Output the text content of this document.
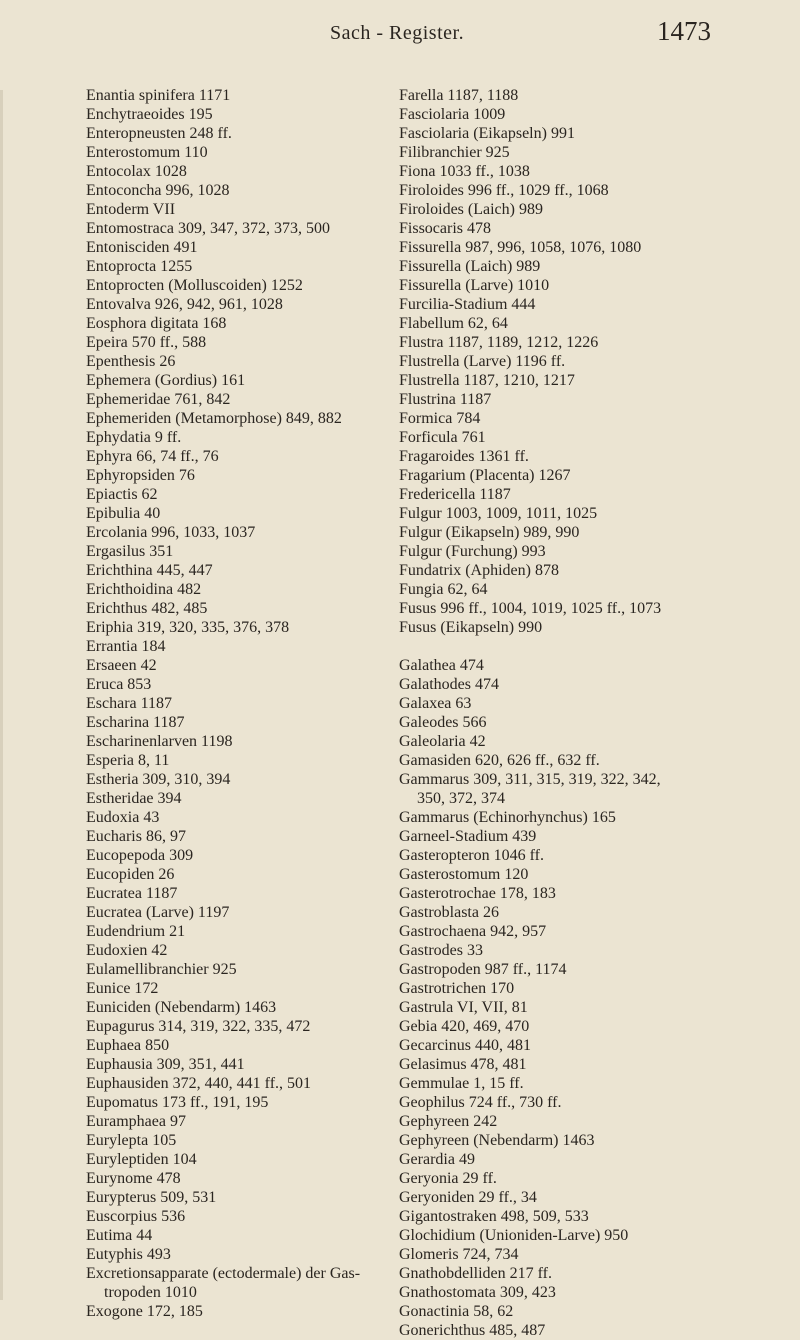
Sach - Register.	1473
Enantia spinifera 1171
Enchytraeoides 195
Enteropneusten 248 ff.
Enterostomum 110
Entocolax 1028
Entoconcha 996, 1028
Entoderm VII
Entomostraca 309, 347, 372, 373, 500
Entonisciden 491
Entoprocta 1255
Entoprocten (Molluscoiden) 1252
Entovalva 926, 942, 961, 1028
Eosphora digitata 168
Epeira 570 ff., 588
Epenthesis 26
Ephemera (Gordius) 161
Ephemeridae 761, 842
Ephemeriden (Metamorphose) 849, 882
Ephydatia 9 ff.
Ephyra 66, 74 ff., 76
Ephyropsiden 76
Epiactis 62
Epibulia 40
Ercolania 996, 1033, 1037
Ergasilus 351
Erichthina 445, 447
Erichthoidina 482
Erichthus 482, 485
Eriphia 319, 320, 335, 376, 378
Errantia 184
Ersaeen 42
Eruca 853
Eschara 1187
Escharina 1187
Escharinenlarven 1198
Esperia 8, 11
Estheria 309, 310, 394
Estheridae 394
Eudoxia 43
Eucharis 86, 97
Eucopepoda 309
Eucopiden 26
Eucratea 1187
Eucratea (Larve) 1197
Eudendrium 21
Eudoxien 42
Eulamellibranchier 925
Eunice 172
Euniciden (Nebendarm) 1463
Eupagurus 314, 319, 322, 335, 472
Euphaea 850
Euphausia 309, 351, 441
Euphausiden 372, 440, 441 ff., 501
Eupomatus 173 ff., 191, 195
Euramphaea 97
Eurylepta 105
Euryleptiden 104
Eurynome 478
Eurypterus 509, 531
Euscorpius 536
Eutima 44
Eutyphis 493
Excretionsapparate (ectodermale) der Gas-
tropoden 1010
Exogone 172, 185
Farella 1187, 1188
Fasciolaria 1009
Fasciolaria (Eikapseln) 991
Filibranchier 925
Fiona 1033 ff., 1038
Firoloides 996 ff., 1029 ff., 1068
Firoloides (Laich) 989
Fissocaris 478
Fissurella 987, 996, 1058, 1076, 1080
Fissurella (Laich) 989
Fissurella (Larve) 1010
Furcilia-Stadium 444
Flabellum 62, 64
Flustra 1187, 1189, 1212, 1226
Flustrella (Larve) 1196 ff.
Flustrella 1187, 1210, 1217
Flustrina 1187
Formica 784
Forficula 761
Fragaroides 1361 ff.
Fragarium (Placenta) 1267
Fredericella 1187
Fulgur 1003, 1009, 1011, 1025
Fulgur (Eikapseln) 989, 990
Fulgur (Furchung) 993
Fundatrix (Aphiden) 878
Fungia 62, 64
Fusus 996 ff., 1004, 1019, 1025 ff., 1073
Fusus (Eikapseln) 990
Galathea 474
Galathodes 474
Galaxea 63
Galeodes 566
Galeolaria 42
Gamasiden 620, 626 ff., 632 ff.
Gammarus 309, 311, 315, 319, 322, 342,
350, 372, 374
Gammarus (Echinorhynchus) 165
Garneel-Stadium 439
Gasteropteron 1046 ff.
Gasterostomum 120
Gasterotrochae 178, 183
Gastroblasta 26
Gastrochaena 942, 957
Gastrodes 33
Gastropoden 987 ff., 1174
Gastrotrichen 170
Gastrula VI, VII, 81
Gebia 420, 469, 470
Gecarcinus 440, 481
Gelasimus 478, 481
Gemmulae 1, 15 ff.
Geophilus 724 ff., 730 ff.
Gephyreen 242
Gephyreen (Nebendarm) 1463
Gerardia 49
Geryonia 29 ff.
Geryoniden 29 ff., 34
Gigantostraken 498, 509, 533
Glochidium (Unioniden-Larve) 950
Glomeris 724, 734
Gnathobdelliden 217 ff.
Gnathostomata 309, 423
Gonactinia 58, 62
Gonerichthus 485, 487
